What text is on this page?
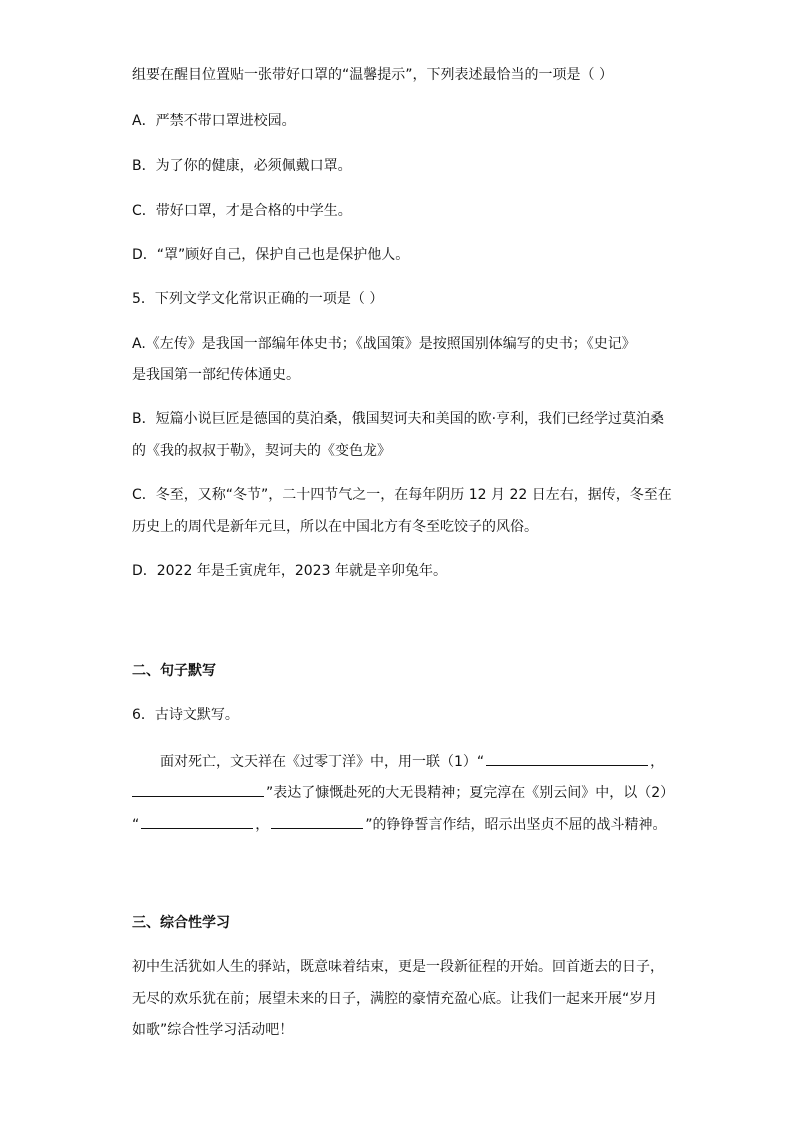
组要在醒目位置贴一张带好口罩的“温馨提示”，下列表述最恰当的一项是（ ）
A．严禁不带口罩进校园。
B．为了你的健康，必须佩戴口罩。
C．带好口罩，才是合格的中学生。
D．“罩”顾好自己，保护自己也是保护他人。
5．下列文学文化常识正确的一项是（ ）
A.《左传》是我国一部编年体史书；《战国策》是按照国别体编写的史书；《史记》
是我国第一部纪传体通史。
B．短篇小说巨匠是德国的莫泊桑，俄国契诃夫和美国的欧·亨利，我们已经学过莫泊桑
的《我的叔叔于勒》，契诃夫的《变色龙》
C．冬至，又称“冬节”，二十四节气之一，在每年阴历 12 月 22 日左右，据传，冬至在
历史上的周代是新年元旦，所以在中国北方有冬至吃饺子的风俗。
D．2022 年是壬寅虎年，2023 年就是辛卯兔年。
二、句子默写
6．古诗文默写。
面对死亡，文天祥在《过零丁洋》中，用一联（1）“	，
”表达了慷慨赴死的大无畏精神；夏完淳在《别云间》中，以（2）
“	，	”的铮铮誓言作结，昭示出坚贞不屈的战斗精神。
三、综合性学习
初中生活犹如人生的驿站，既意味着结束，更是一段新征程的开始。回首逝去的日子，
无尽的欢乐犹在前；展望未来的日子，满腔的豪情充盈心底。让我们一起来开展“岁月
如歌”综合性学习活动吧！
